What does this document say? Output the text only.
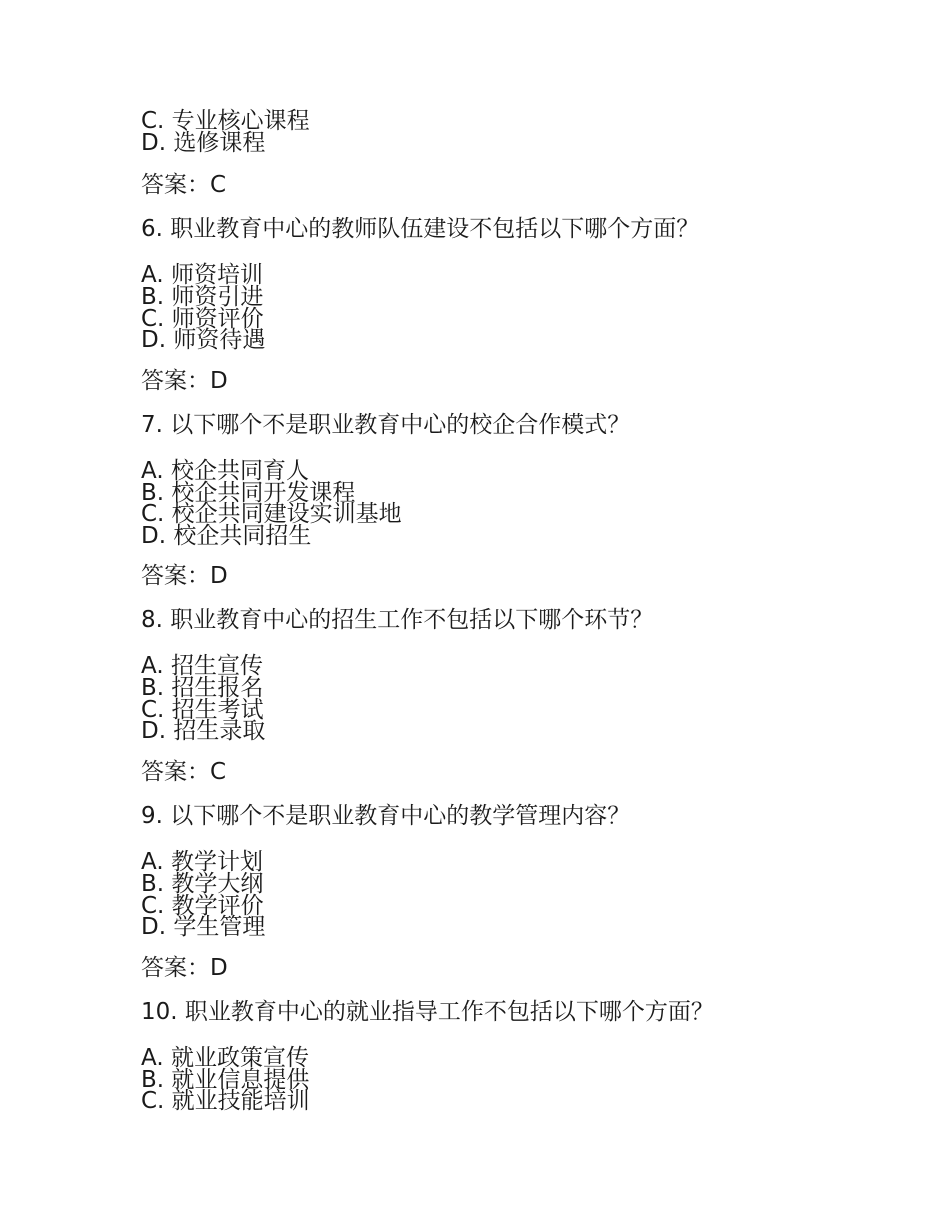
C. 专业核心课程
D. 选修课程
答案：C
6. 职业教育中心的教师队伍建设不包括以下哪个方面？
A. 师资培训
B. 师资引进
C. 师资评价
D. 师资待遇
答案：D
7. 以下哪个不是职业教育中心的校企合作模式？
A. 校企共同育人
B. 校企共同开发课程
C. 校企共同建设实训基地
D. 校企共同招生
答案：D
8. 职业教育中心的招生工作不包括以下哪个环节？
A. 招生宣传
B. 招生报名
C. 招生考试
D. 招生录取
答案：C
9. 以下哪个不是职业教育中心的教学管理内容？
A. 教学计划
B. 教学大纲
C. 教学评价
D. 学生管理
答案：D
10. 职业教育中心的就业指导工作不包括以下哪个方面？
A. 就业政策宣传
B. 就业信息提供
C. 就业技能培训
